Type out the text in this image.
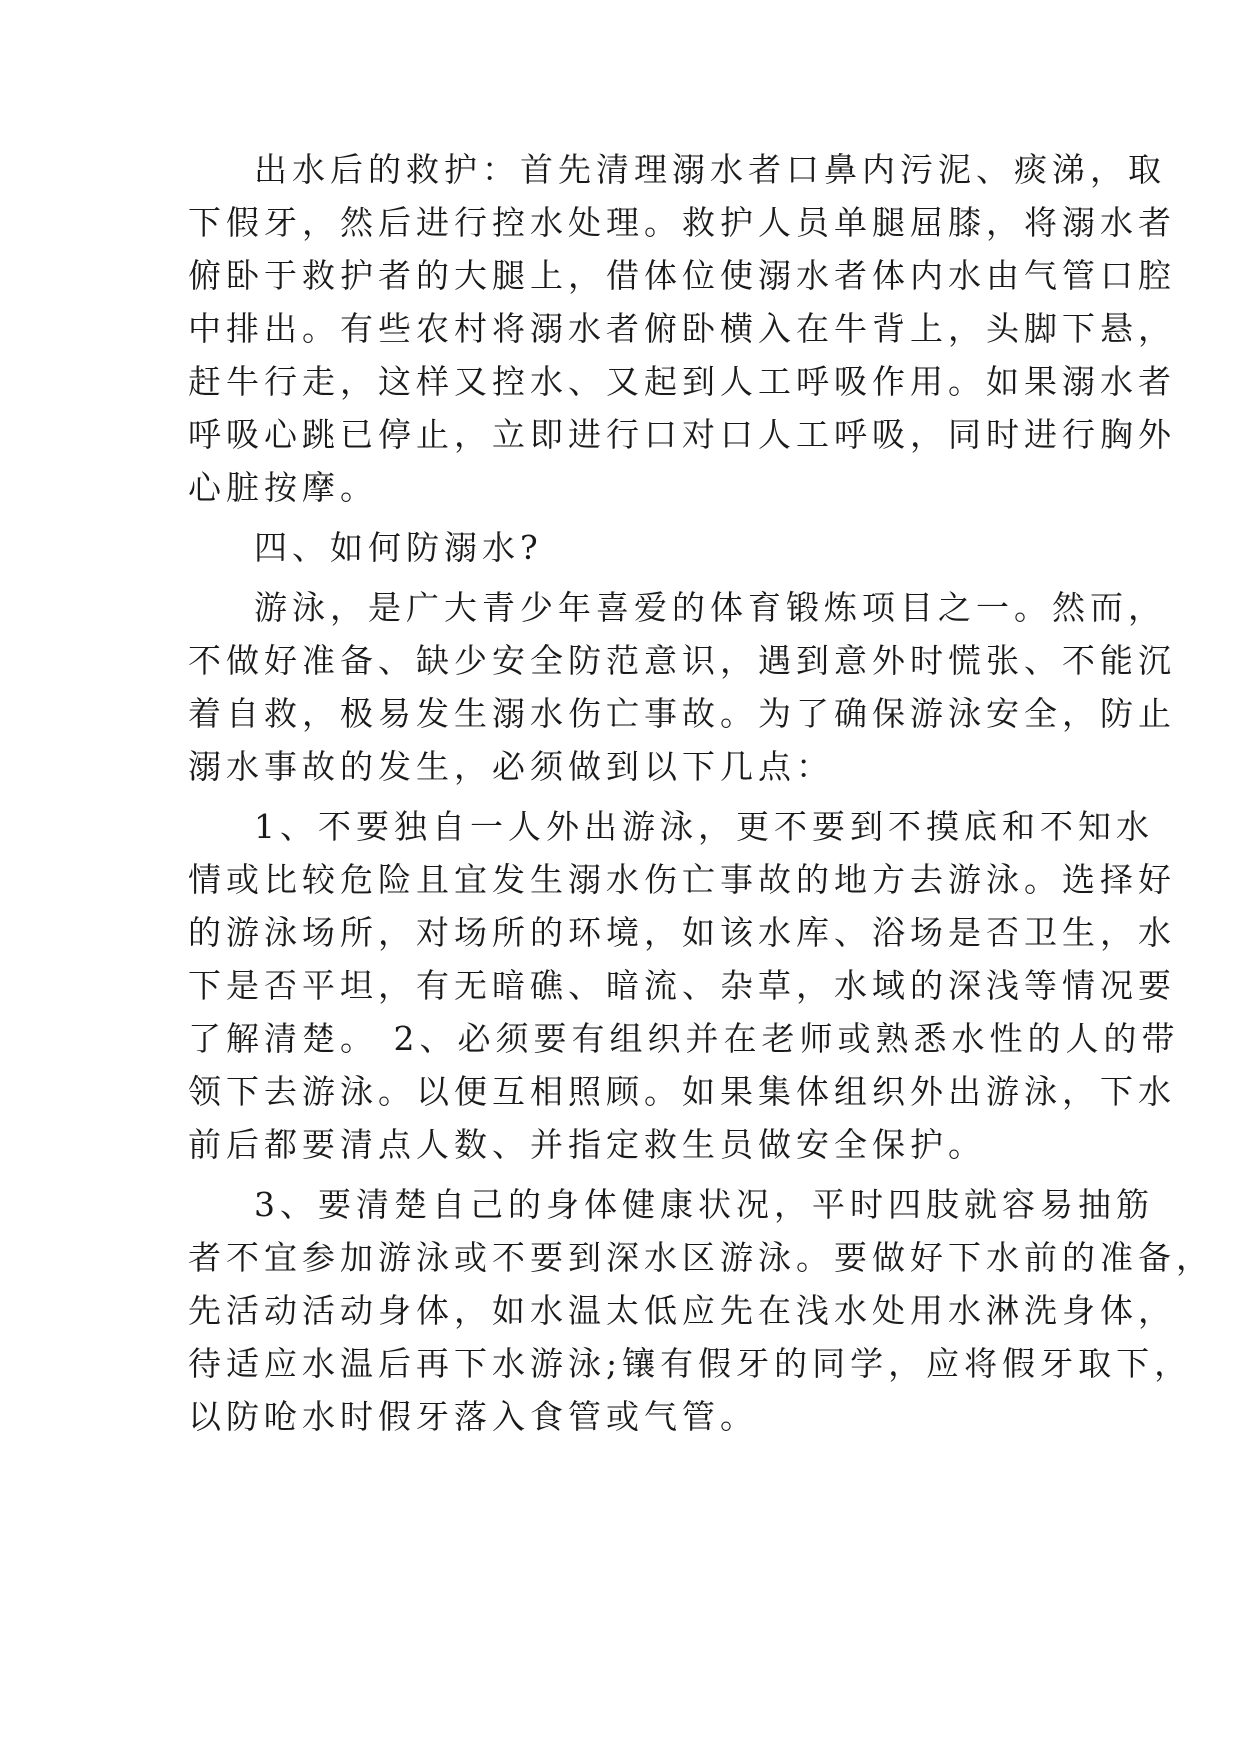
出水后的救护：首先清理溺水者口鼻内污泥、痰涕，取
下假牙，然后进行控水处理。救护人员单腿屈膝，将溺水者
俯卧于救护者的大腿上，借体位使溺水者体内水由气管口腔
中排出。有些农村将溺水者俯卧横入在牛背上，头脚下悬，
赶牛行走，这样又控水、又起到人工呼吸作用。如果溺水者
呼吸心跳已停止，立即进行口对口人工呼吸，同时进行胸外
心脏按摩。
四、如何防溺水?
游泳，是广大青少年喜爱的体育锻炼项目之一。然而，
不做好准备、缺少安全防范意识，遇到意外时慌张、不能沉
着自救，极易发生溺水伤亡事故。为了确保游泳安全，防止
溺水事故的发生，必须做到以下几点：
1、不要独自一人外出游泳，更不要到不摸底和不知水
情或比较危险且宜发生溺水伤亡事故的地方去游泳。选择好
的游泳场所，对场所的环境，如该水库、浴场是否卫生，水
下是否平坦，有无暗礁、暗流、杂草，水域的深浅等情况要
了解清楚。 2、必须要有组织并在老师或熟悉水性的人的带
领下去游泳。以便互相照顾。如果集体组织外出游泳，下水
前后都要清点人数、并指定救生员做安全保护。
3、要清楚自己的身体健康状况，平时四肢就容易抽筋
者不宜参加游泳或不要到深水区游泳。要做好下水前的准备，
先活动活动身体，如水温太低应先在浅水处用水淋洗身体，
待适应水温后再下水游泳;镶有假牙的同学，应将假牙取下，
以防呛水时假牙落入食管或气管。
